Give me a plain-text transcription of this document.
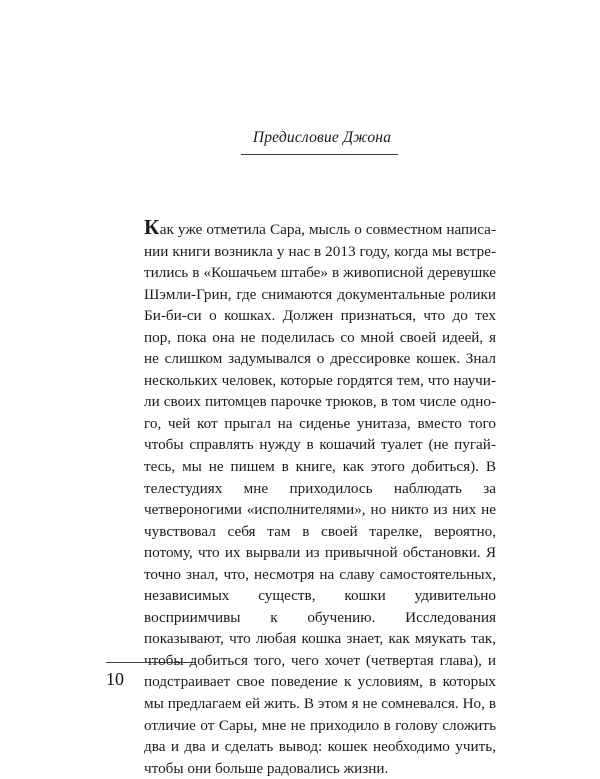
Предисловие Джона

Как уже отметила Сара, мысль о совместном написании книги возникла у нас в 2013 году, когда мы встретились в «Кошачьем штабе» в живописной деревушке Шэмли-Грин, где снимаются документальные ролики Би-би-си о кошках. Должен признаться, что до тех пор, пока она не поделилась со мной своей идеей, я не слишком задумывался о дрессировке кошек. Знал нескольких человек, которые гордятся тем, что научили своих питомцев парочке трюков, в том числе одного, чей кот прыгал на сиденье унитаза, вместо того чтобы справлять нужду в кошачий туалет (не пугайтесь, мы не пишем в книге, как этого добиться). В телестудиях мне приходилось наблюдать за четвероногими «исполнителями», но никто из них не чувствовал себя там в своей тарелке, вероятно, потому, что их вырвали из привычной обстановки. Я точно знал, что, несмотря на славу самостоятельных, независимых существ, кошки удивительно восприимчивы к обучению. Исследования показывают, что любая кошка знает, как мяукать так, чтобы добиться того, чего хочет (четвертая глава), и подстраивает свое поведение к условиям, в которых мы предлагаем ей жить. В этом я не сомневался. Но, в отличие от Сары, мне не приходило в голову сложить два и два и сделать вывод: кошек необходимо учить, чтобы они больше радовались жизни.

10
